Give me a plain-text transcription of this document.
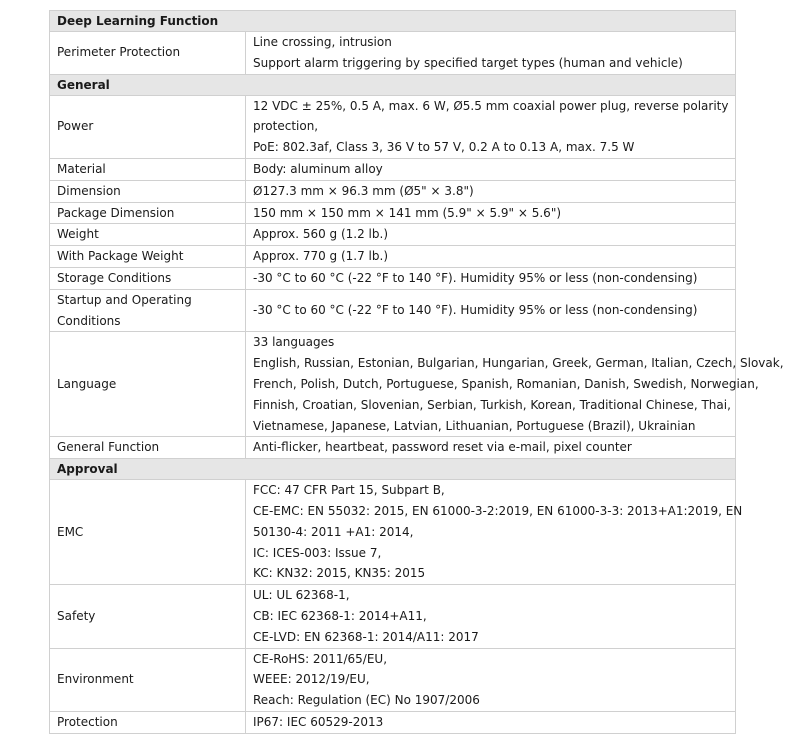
Deep Learning Function	

Perimeter Protection	Line crossing, intrusion
Support alarm triggering by specified target types (human and vehicle)

General	

Power	12 VDC ± 25%, 0.5 A, max. 6 W, Ø5.5 mm coaxial power plug, reverse polarity
protection,
PoE: 802.3af, Class 3, 36 V to 57 V, 0.2 A to 0.13 A, max. 7.5 W

Material	Body: aluminum alloy

Dimension	Ø127.3 mm × 96.3 mm (Ø5" × 3.8")

Package Dimension	150 mm × 150 mm × 141 mm (5.9" × 5.9" × 5.6")

Weight	Approx. 560 g (1.2 lb.)

With Package Weight	Approx. 770 g (1.7 lb.)

Storage Conditions	-30 °C to 60 °C (-22 °F to 140 °F). Humidity 95% or less (non-condensing)

Startup and Operating
Conditions	-30 °C to 60 °C (-22 °F to 140 °F). Humidity 95% or less (non-condensing)

Language	33 languages
English, Russian, Estonian, Bulgarian, Hungarian, Greek, German, Italian, Czech, Slovak,
French, Polish, Dutch, Portuguese, Spanish, Romanian, Danish, Swedish, Norwegian,
Finnish, Croatian, Slovenian, Serbian, Turkish, Korean, Traditional Chinese, Thai,
Vietnamese, Japanese, Latvian, Lithuanian, Portuguese (Brazil), Ukrainian

General Function	Anti-flicker, heartbeat, password reset via e-mail, pixel counter

Approval	

EMC	FCC: 47 CFR Part 15, Subpart B,
CE-EMC: EN 55032: 2015, EN 61000-3-2:2019, EN 61000-3-3: 2013+A1:2019, EN
50130-4: 2011 +A1: 2014,
IC: ICES-003: Issue 7,
KC: KN32: 2015, KN35: 2015

Safety	UL: UL 62368-1,
CB: IEC 62368-1: 2014+A11,
CE-LVD: EN 62368-1: 2014/A11: 2017

Environment	CE-RoHS: 2011/65/EU,
WEEE: 2012/19/EU,
Reach: Regulation (EC) No 1907/2006

Protection	IP67: IEC 60529-2013
